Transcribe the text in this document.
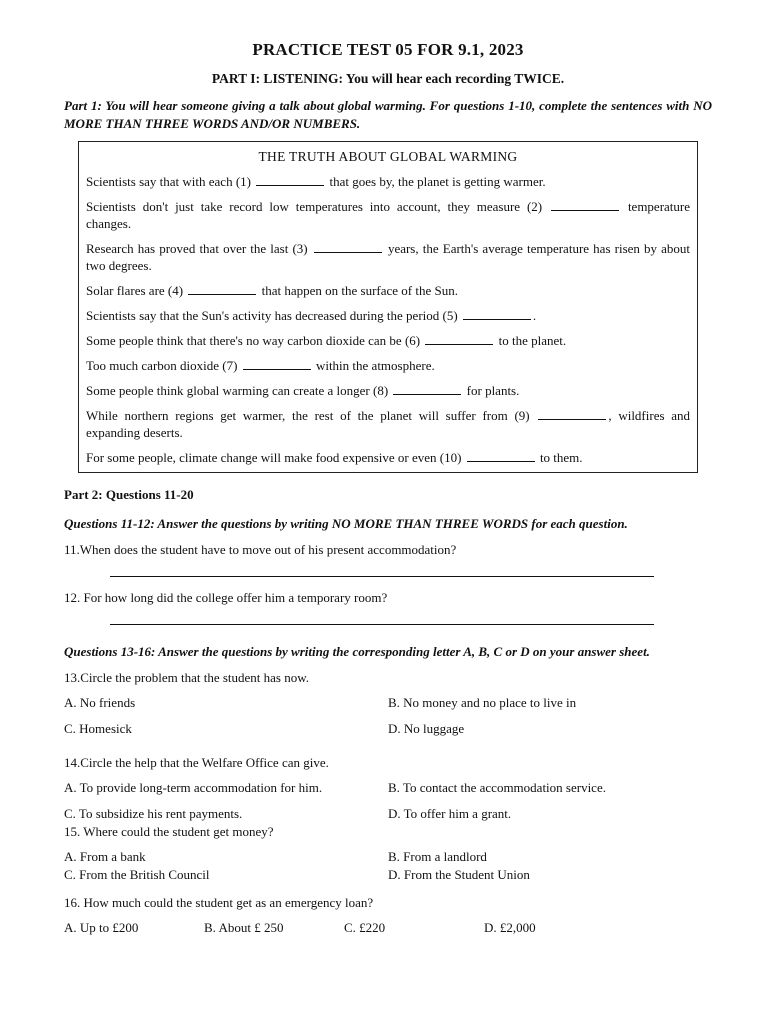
PRACTICE TEST 05 FOR 9.1, 2023
PART I: LISTENING: You will hear each recording TWICE.
Part 1: You will hear someone giving a talk about global warming. For questions 1-10, complete the sentences with NO MORE THAN THREE WORDS AND/OR NUMBERS.
THE TRUTH ABOUT GLOBAL WARMING

Scientists say that with each (1)	that goes by, the planet is getting warmer.

Scientists don't just take record low temperatures into account, they measure (2)	temperature changes.

Research has proved that over the last (3)	years, the Earth's average temperature has risen by about two degrees.

Solar flares are (4)	that happen on the surface of the Sun.

Scientists say that the Sun's activity has decreased during the period (5)	.

Some people think that there's no way carbon dioxide can be (6)	to the planet.

Too much carbon dioxide (7)	within the atmosphere.

Some people think global warming can create a longer (8)	for plants.

While northern regions get warmer, the rest of the planet will suffer from (9)	, wildfires and expanding deserts.

For some people, climate change will make food expensive or even (10)	to them.

Part 2: Questions 11-20
Questions 11-12: Answer the questions by writing NO MORE THAN THREE WORDS for each question.
11.When does the student have to move out of his present accommodation?
12. For how long did the college offer him a temporary room?
Questions 13-16: Answer the questions by writing the corresponding letter A, B, C or D on your answer sheet.
13.Circle the problem that the student has now.
A. No friends	B. No money and no place to live in
C. Homesick	D. No luggage
14.Circle the help that the Welfare Office can give.
A. To provide long-term accommodation for him.	B. To contact the accommodation service.
C. To subsidize his rent payments.	D. To offer him a grant.
15. Where could the student get money?
A. From a bank	B. From a landlord
C. From the British Council	D. From the Student Union
16. How much could the student get as an emergency loan?
A. Up to £200	B. About £ 250	C. £220	D. £2,000
